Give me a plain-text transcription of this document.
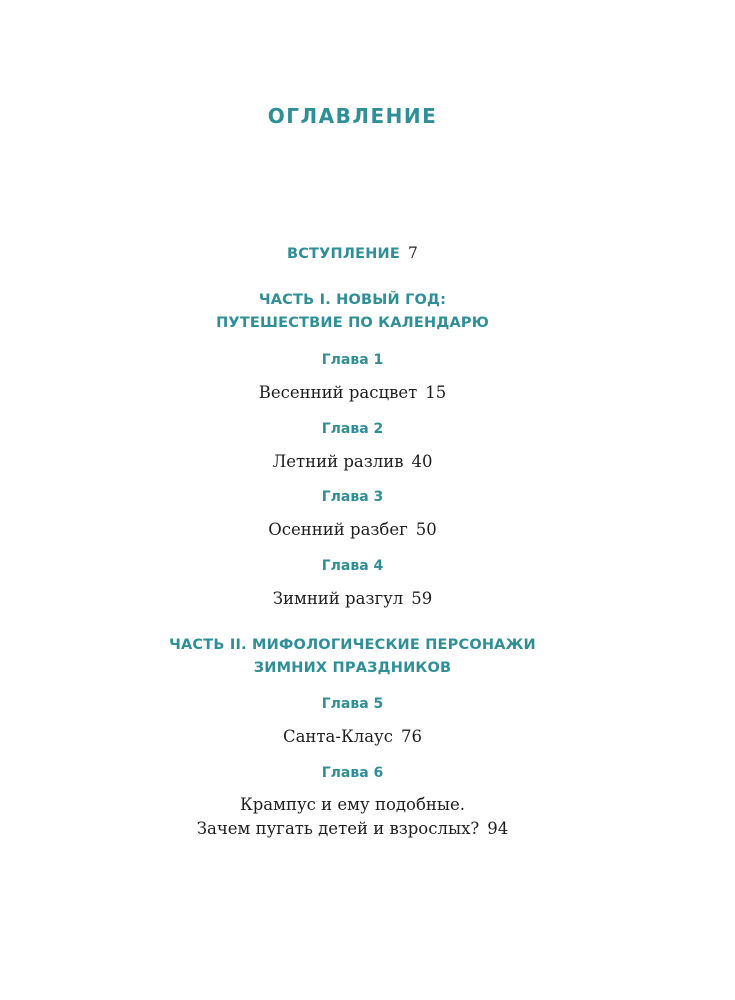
ОГЛАВЛЕНИЕ
ВСТУПЛЕНИЕ 7
ЧАСТЬ I. НОВЫЙ ГОД:
ПУТЕШЕСТВИЕ ПО КАЛЕНДАРЮ
Глава 1
Весенний расцвет 15
Глава 2
Летний разлив 40
Глава 3
Осенний разбег 50
Глава 4
Зимний разгул 59
ЧАСТЬ II. МИФОЛОГИЧЕСКИЕ ПЕРСОНАЖИ
ЗИМНИХ ПРАЗДНИКОВ
Глава 5
Санта-Клаус 76
Глава 6
Крампус и ему подобные.
Зачем пугать детей и взрослых? 94
